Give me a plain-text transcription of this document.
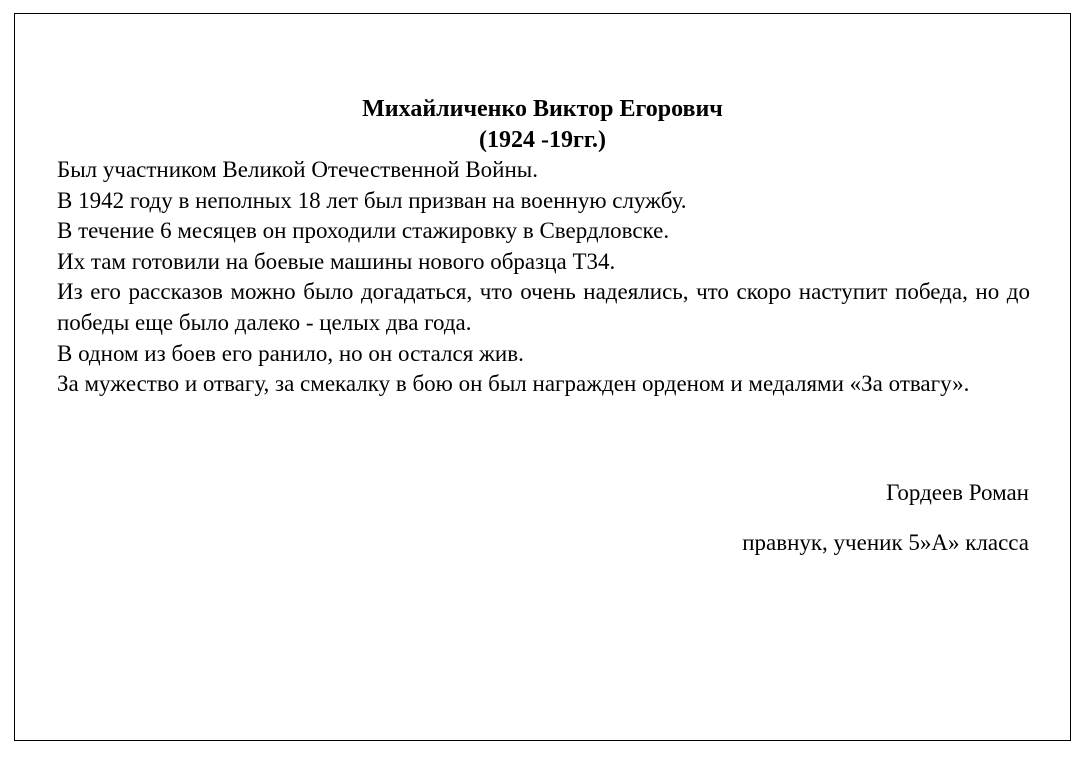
Михайличенко Виктор Егорович
(1924 -19гг.)

Был участником Великой Отечественной Войны.

В 1942 году в неполных 18 лет был призван на военную службу.

В течение 6 месяцев он проходили стажировку в Свердловске.

Их там готовили на боевые машины нового образца Т34.

Из его рассказов можно было догадаться, что очень надеялись, что скоро наступит победа, но до победы еще было далеко - целых два года.

В одном из боев его ранило, но он остался жив.

За мужество и отвагу, за смекалку в бою он был награжден орденом и медалями «За отвагу».

Гордеев Роман
правнук, ученик 5»А» класса
